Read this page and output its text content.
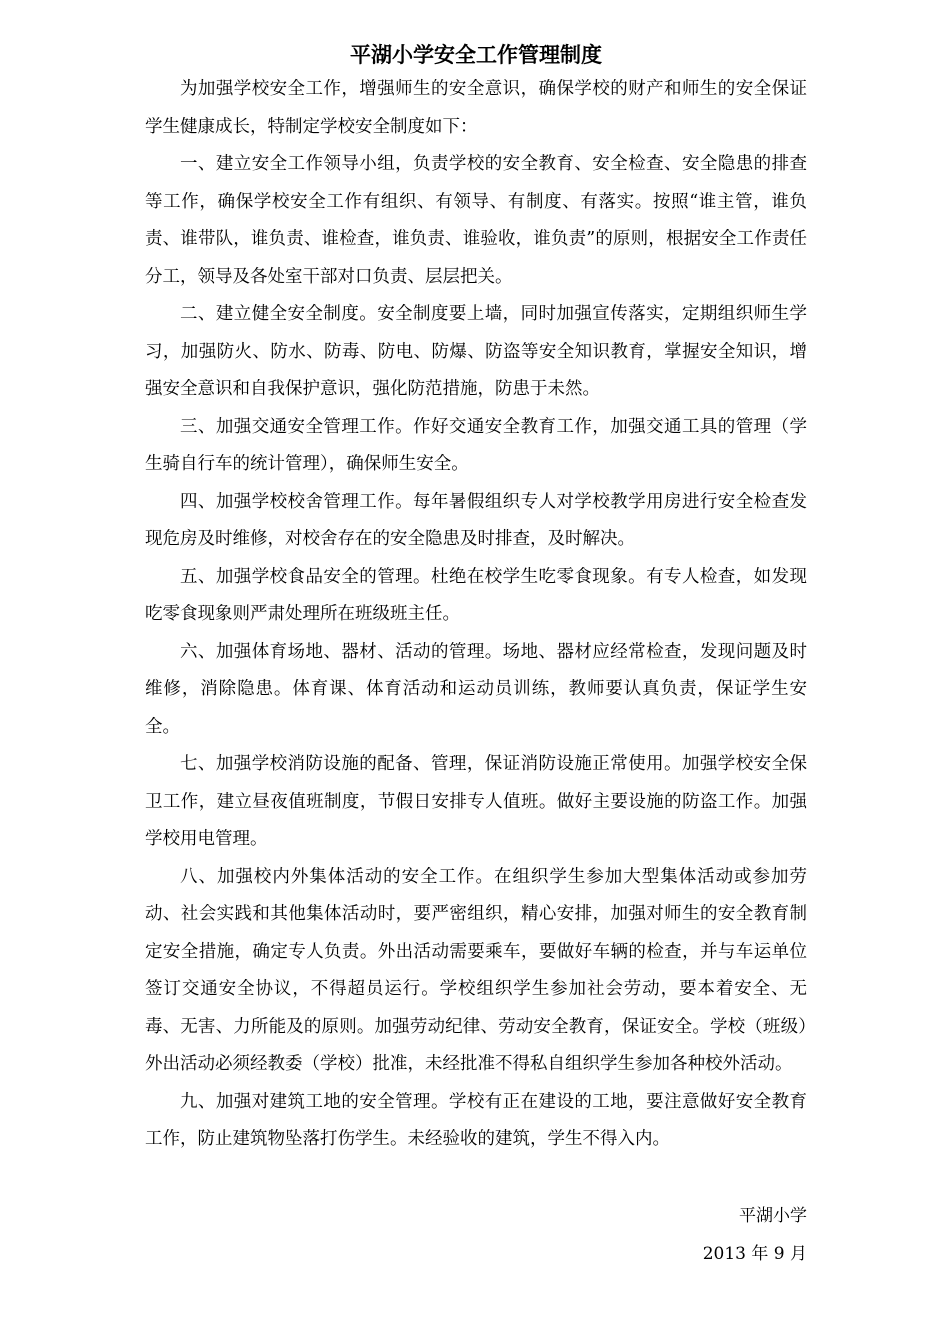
平湖小学安全工作管理制度

为加强学校安全工作，增强师生的安全意识，确保学校的财产和师生的安全保证学生健康成长，特制定学校安全制度如下：

一、建立安全工作领导小组，负责学校的安全教育、安全检查、安全隐患的排查等工作，确保学校安全工作有组织、有领导、有制度、有落实。按照“谁主管，谁负责、谁带队，谁负责、谁检查，谁负责、谁验收，谁负责”的原则，根据安全工作责任分工，领导及各处室干部对口负责、层层把关。

二、建立健全安全制度。安全制度要上墙，同时加强宣传落实，定期组织师生学习，加强防火、防水、防毒、防电、防爆、防盗等安全知识教育，掌握安全知识，增强安全意识和自我保护意识，强化防范措施，防患于未然。

三、加强交通安全管理工作。作好交通安全教育工作，加强交通工具的管理（学生骑自行车的统计管理），确保师生安全。

四、加强学校校舍管理工作。每年暑假组织专人对学校教学用房进行安全检查发现危房及时维修，对校舍存在的安全隐患及时排查，及时解决。

五、加强学校食品安全的管理。杜绝在校学生吃零食现象。有专人检查，如发现吃零食现象则严肃处理所在班级班主任。

六、加强体育场地、器材、活动的管理。场地、器材应经常检查，发现问题及时维修，消除隐患。体育课、体育活动和运动员训练，教师要认真负责，保证学生安全。

七、加强学校消防设施的配备、管理，保证消防设施正常使用。加强学校安全保卫工作，建立昼夜值班制度，节假日安排专人值班。做好主要设施的防盗工作。加强学校用电管理。

八、加强校内外集体活动的安全工作。在组织学生参加大型集体活动或参加劳动、社会实践和其他集体活动时，要严密组织，精心安排，加强对师生的安全教育制定安全措施，确定专人负责。外出活动需要乘车，要做好车辆的检查，并与车运单位签订交通安全协议，不得超员运行。学校组织学生参加社会劳动，要本着安全、无毒、无害、力所能及的原则。加强劳动纪律、劳动安全教育，保证安全。学校（班级）外出活动必须经教委（学校）批准，未经批准不得私自组织学生参加各种校外活动。

九、加强对建筑工地的安全管理。学校有正在建设的工地，要注意做好安全教育工作，防止建筑物坠落打伤学生。未经验收的建筑，学生不得入内。

平湖小学
2013 年 9 月
